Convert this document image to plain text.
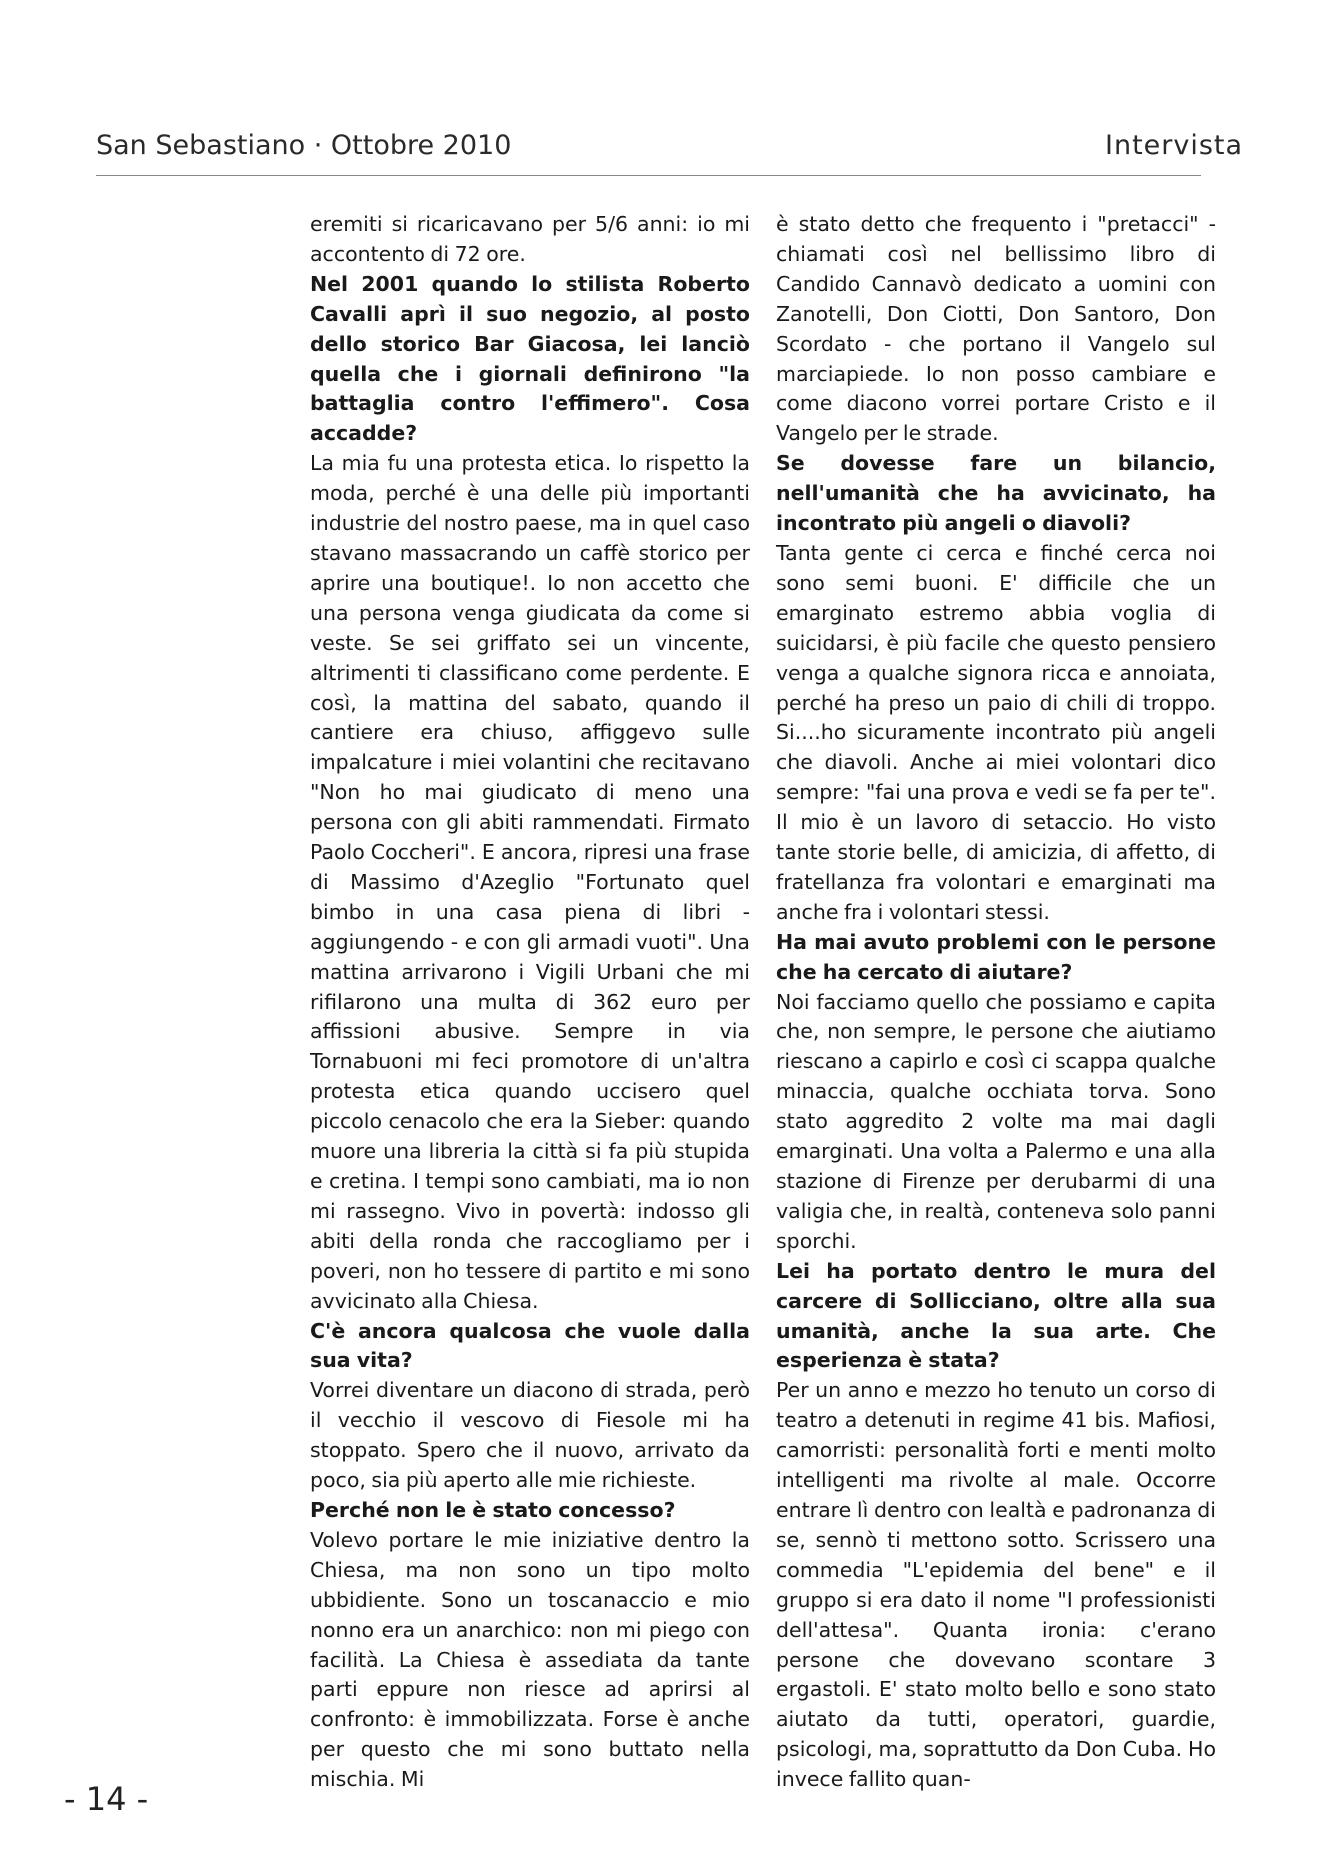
San Sebastiano · Ottobre 2010	Intervista

eremiti si ricaricavano per 5/6 anni: io mi accontento di 72 ore.

Nel 2001 quando lo stilista Roberto Cavalli aprì il suo negozio, al posto dello storico Bar Giacosa, lei lanciò quella che i giornali definirono "la battaglia contro l'effimero". Cosa accadde?

La mia fu una protesta etica. Io rispetto la moda, perché è una delle più importanti industrie del nostro paese, ma in quel caso stavano massacrando un caffè storico per aprire una boutique!. Io non accetto che una persona venga giudicata da come si veste. Se sei griffato sei un vincente, altrimenti ti classificano come perdente. E così, la mattina del sabato, quando il cantiere era chiuso, affiggevo sulle impalcature i miei volantini che recitavano "Non ho mai giudicato di meno una persona con gli abiti rammendati. Firmato Paolo Coccheri". E ancora, ripresi una frase di Massimo d'Azeglio "Fortunato quel bimbo in una casa piena di libri - aggiungendo - e con gli armadi vuoti". Una mattina arrivarono i Vigili Urbani che mi rifilarono una multa di 362 euro per affissioni abusive. Sempre in via Tornabuoni mi feci promotore di un'altra protesta etica quando uccisero quel piccolo cenacolo che era la Sieber: quando muore una libreria la città si fa più stupida e cretina. I tempi sono cambiati, ma io non mi rassegno. Vivo in povertà: indosso gli abiti della ronda che raccogliamo per i poveri, non ho tessere di partito e mi sono avvicinato alla Chiesa.

C'è ancora qualcosa che vuole dalla sua vita?

Vorrei diventare un diacono di strada, però il vecchio il vescovo di Fiesole mi ha stoppato. Spero che il nuovo, arrivato da poco, sia più aperto alle mie richieste.

Perché non le è stato concesso?

Volevo portare le mie iniziative dentro la Chiesa, ma non sono un tipo molto ubbidiente. Sono un toscanaccio e mio nonno era un anarchico: non mi piego con facilità. La Chiesa è assediata da tante parti eppure non riesce ad aprirsi al confronto: è immobilizzata. Forse è anche per questo che mi sono buttato nella mischia. Mi

è stato detto che frequento i "pretacci" - chiamati così nel bellissimo libro di Candido Cannavò dedicato a uomini con Zanotelli, Don Ciotti, Don Santoro, Don Scordato - che portano il Vangelo sul marciapiede. Io non posso cambiare e come diacono vorrei portare Cristo e il Vangelo per le strade.

Se dovesse fare un bilancio, nell'umanità che ha avvicinato, ha incontrato più angeli o diavoli?

Tanta gente ci cerca e finché cerca noi sono semi buoni. E' difficile che un emarginato estremo abbia voglia di suicidarsi, è più facile che questo pensiero venga a qualche signora ricca e annoiata, perché ha preso un paio di chili di troppo. Si....ho sicuramente incontrato più angeli che diavoli. Anche ai miei volontari dico sempre: "fai una prova e vedi se fa per te". Il mio è un lavoro di setaccio. Ho visto tante storie belle, di amicizia, di affetto, di fratellanza fra volontari e emarginati ma anche fra i volontari stessi.

Ha mai avuto problemi con le persone che ha cercato di aiutare?

Noi facciamo quello che possiamo e capita che, non sempre, le persone che aiutiamo riescano a capirlo e così ci scappa qualche minaccia, qualche occhiata torva. Sono stato aggredito 2 volte ma mai dagli emarginati. Una volta a Palermo e una alla stazione di Firenze per derubarmi di una valigia che, in realtà, conteneva solo panni sporchi.

Lei ha portato dentro le mura del carcere di Sollicciano, oltre alla sua umanità, anche la sua arte. Che esperienza è stata?

Per un anno e mezzo ho tenuto un corso di teatro a detenuti in regime 41 bis. Mafiosi, camorristi: personalità forti e menti molto intelligenti ma rivolte al male. Occorre entrare lì dentro con lealtà e padronanza di se, sennò ti mettono sotto. Scrissero una commedia "L'epidemia del bene" e il gruppo si era dato il nome "I professionisti dell'attesa". Quanta ironia: c'erano persone che dovevano scontare 3 ergastoli. E' stato molto bello e sono stato aiutato da tutti, operatori, guardie, psicologi, ma, soprattutto da Don Cuba. Ho invece fallito quan-

- 14 -
